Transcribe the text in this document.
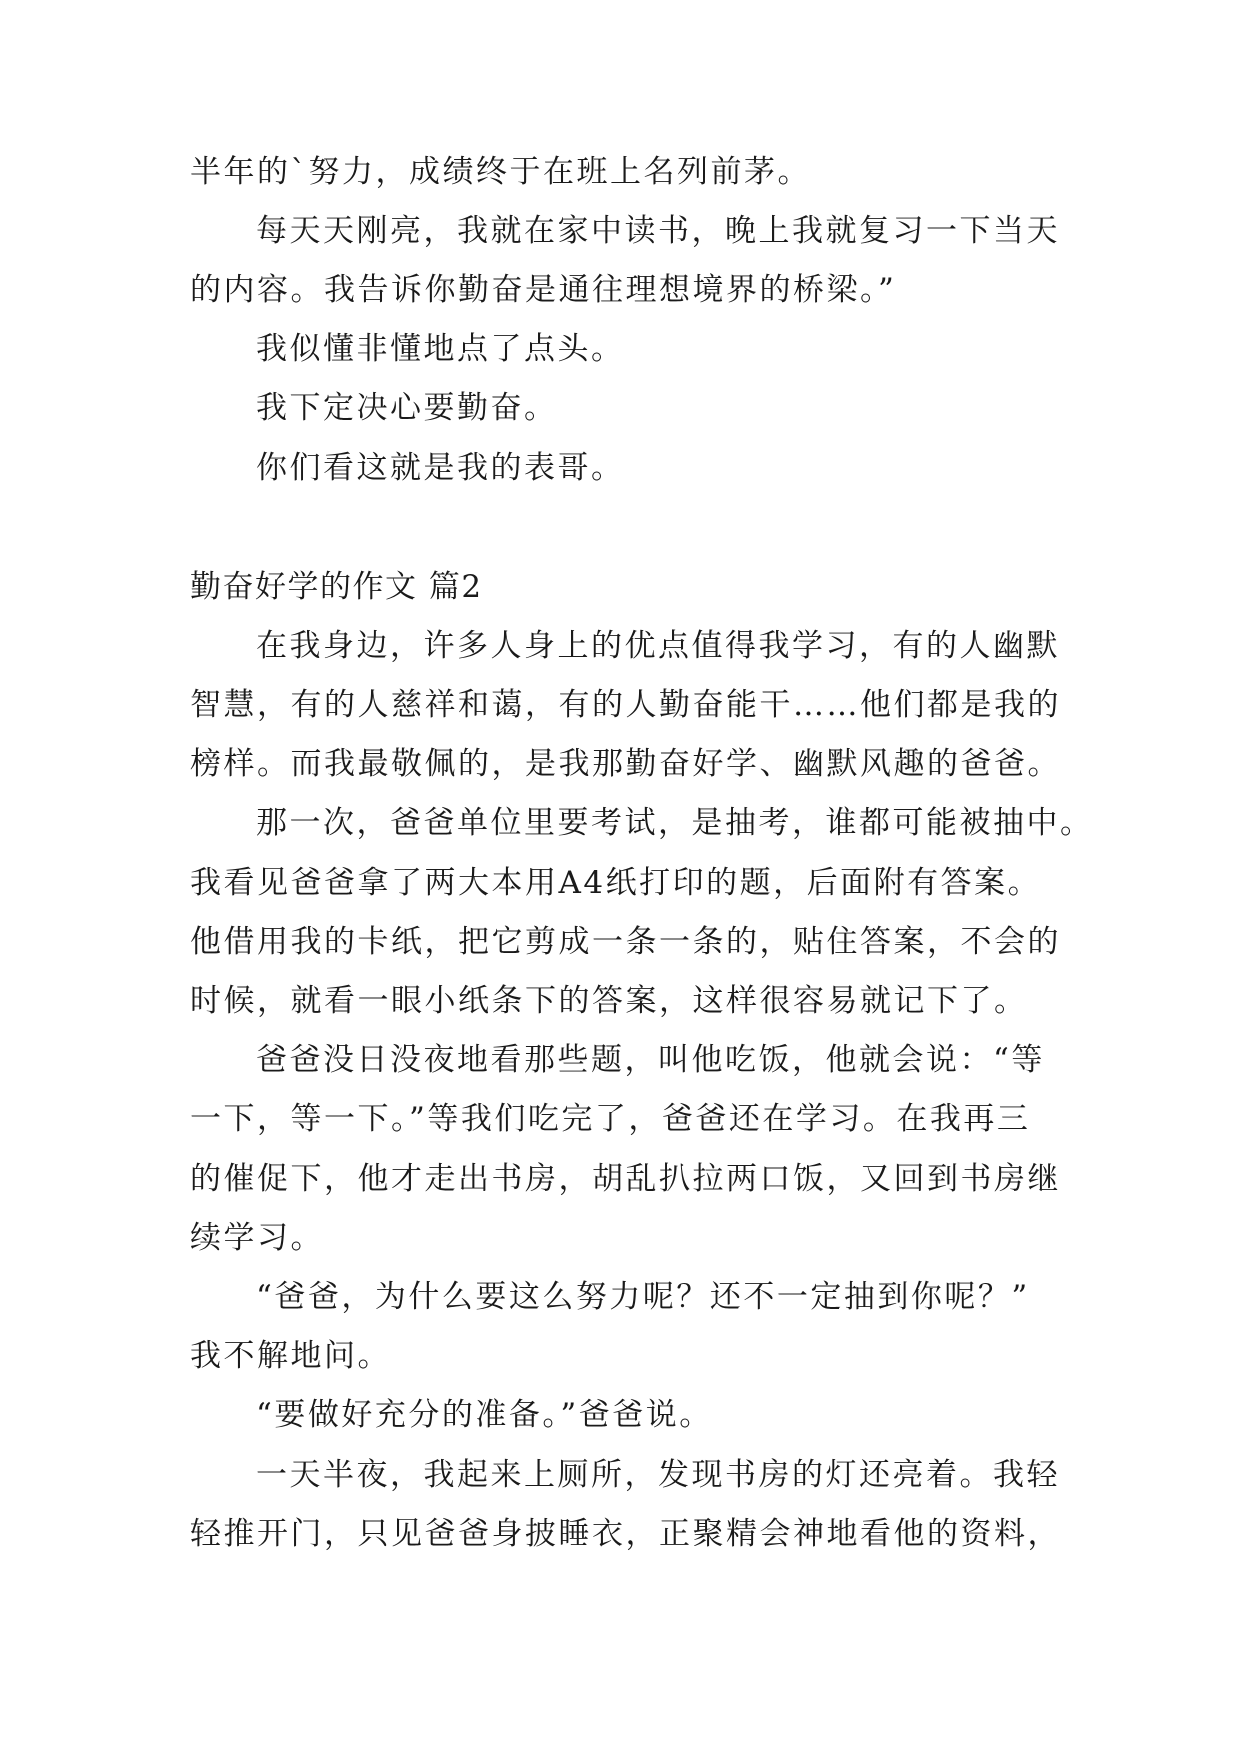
半年的`努力，成绩终于在班上名列前茅。
每天天刚亮，我就在家中读书，晚上我就复习一下当天
的内容。我告诉你勤奋是通往理想境界的桥梁。”
我似懂非懂地点了点头。
我下定决心要勤奋。
你们看这就是我的表哥。
勤奋好学的作文 篇2
在我身边，许多人身上的优点值得我学习，有的人幽默
智慧，有的人慈祥和蔼，有的人勤奋能干……他们都是我的
榜样。而我最敬佩的，是我那勤奋好学、幽默风趣的爸爸。
那一次，爸爸单位里要考试，是抽考，谁都可能被抽中。
我看见爸爸拿了两大本用A4纸打印的题，后面附有答案。
他借用我的卡纸，把它剪成一条一条的，贴住答案，不会的
时候，就看一眼小纸条下的答案，这样很容易就记下了。
爸爸没日没夜地看那些题，叫他吃饭，他就会说：“等
一下，等一下。”等我们吃完了，爸爸还在学习。在我再三
的催促下，他才走出书房，胡乱扒拉两口饭，又回到书房继
续学习。
“爸爸，为什么要这么努力呢？还不一定抽到你呢？”
我不解地问。
“要做好充分的准备。”爸爸说。
一天半夜，我起来上厕所，发现书房的灯还亮着。我轻
轻推开门，只见爸爸身披睡衣，正聚精会神地看他的资料，
